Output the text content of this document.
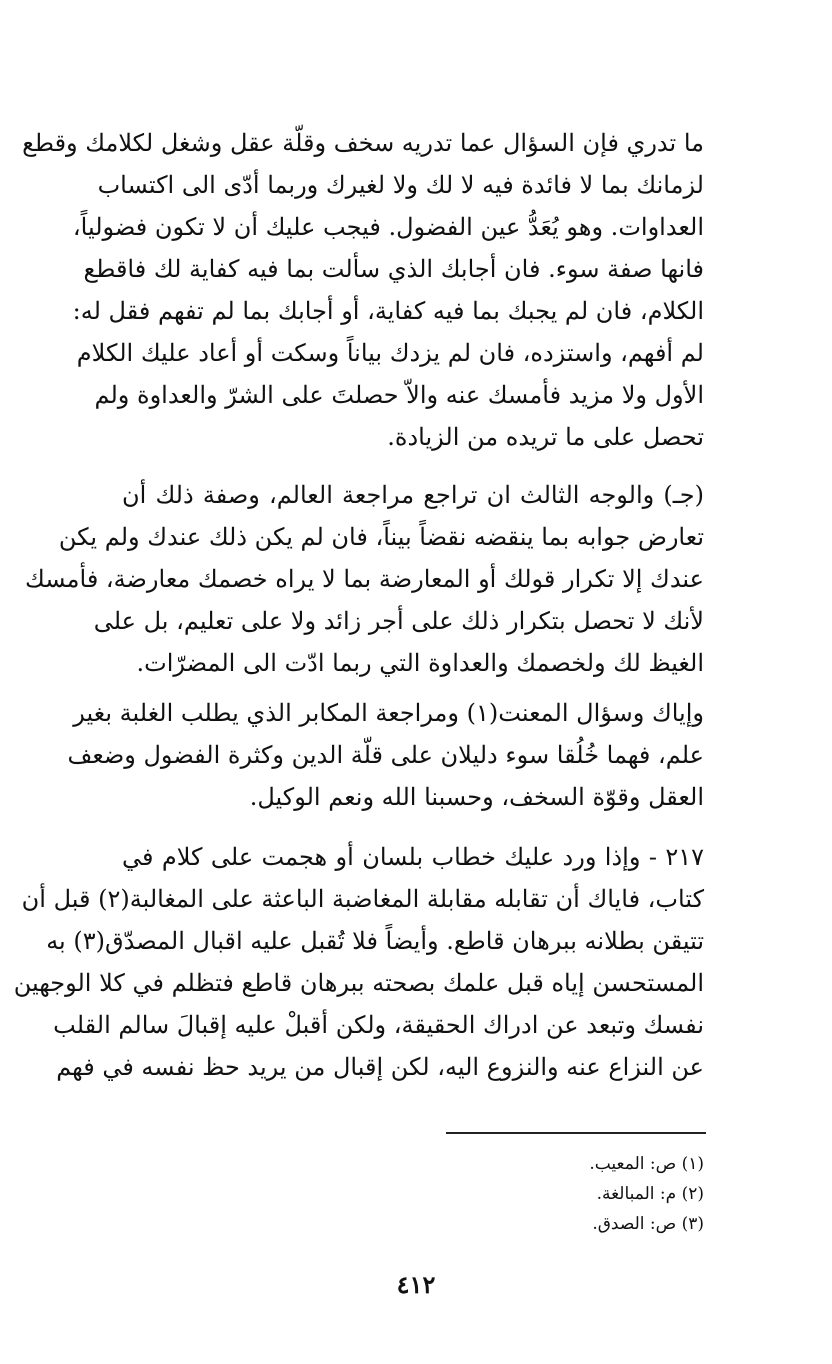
ما تدري فإن السؤال عما تدريه سخف وقلّة عقل وشغل لكلامك وقطع
لزمانك بما لا فائدة فيه لا لك ولا لغيرك وربما أدّى الى اكتساب
العداوات. وهو يُعَدُّ عين الفضول. فيجب عليك أن لا تكون فضولياً،
فانها صفة سوء. فان أجابك الذي سألت بما فيه كفاية لك فاقطع
الكلام، فان لم يجبك بما فيه كفاية، أو أجابك بما لم تفهم فقل له:
لم أفهم، واستزده، فان لم يزدك بياناً وسكت أو أعاد عليك الكلام
الأول ولا مزيد فأمسك عنه والاّ حصلتَ على الشرّ والعداوة ولم
تحصل على ما تريده من الزيادة.
(جـ) والوجه الثالث ان تراجع مراجعة العالم، وصفة ذلك أن
تعارض جوابه بما ينقضه نقضاً بيناً، فان لم يكن ذلك عندك ولم يكن
عندك إلا تكرار قولك أو المعارضة بما لا يراه خصمك معارضة، فأمسك
لأنك لا تحصل بتكرار ذلك على أجر زائد ولا على تعليم، بل على
الغيظ لك ولخصمك والعداوة التي ربما ادّت الى المضرّات.
وإياك وسؤال المعنت(١) ومراجعة المكابر الذي يطلب الغلبة بغير
علم، فهما خُلُقا سوء دليلان على قلّة الدين وكثرة الفضول وضعف
العقل وقوّة السخف، وحسبنا الله ونعم الوكيل.
٢١٧ - وإذا ورد عليك خطاب بلسان أو هجمت على كلام في
كتاب، فاياك أن تقابله مقابلة المغاضبة الباعثة على المغالبة(٢) قبل أن
تتيقن بطلانه ببرهان قاطع. وأيضاً فلا تُقبل عليه اقبال المصدّق(٣) به
المستحسن إياه قبل علمك بصحته ببرهان قاطع فتظلم في كلا الوجهين
نفسك وتبعد عن ادراك الحقيقة، ولكن أقبلْ عليه إقبالَ سالم القلب
عن النزاع عنه والنزوع اليه، لكن إقبال من يريد حظ نفسه في فهم
(١) ص: المعيب.
(٢) م: المبالغة.
(٣) ص: الصدق.
٤١٢
